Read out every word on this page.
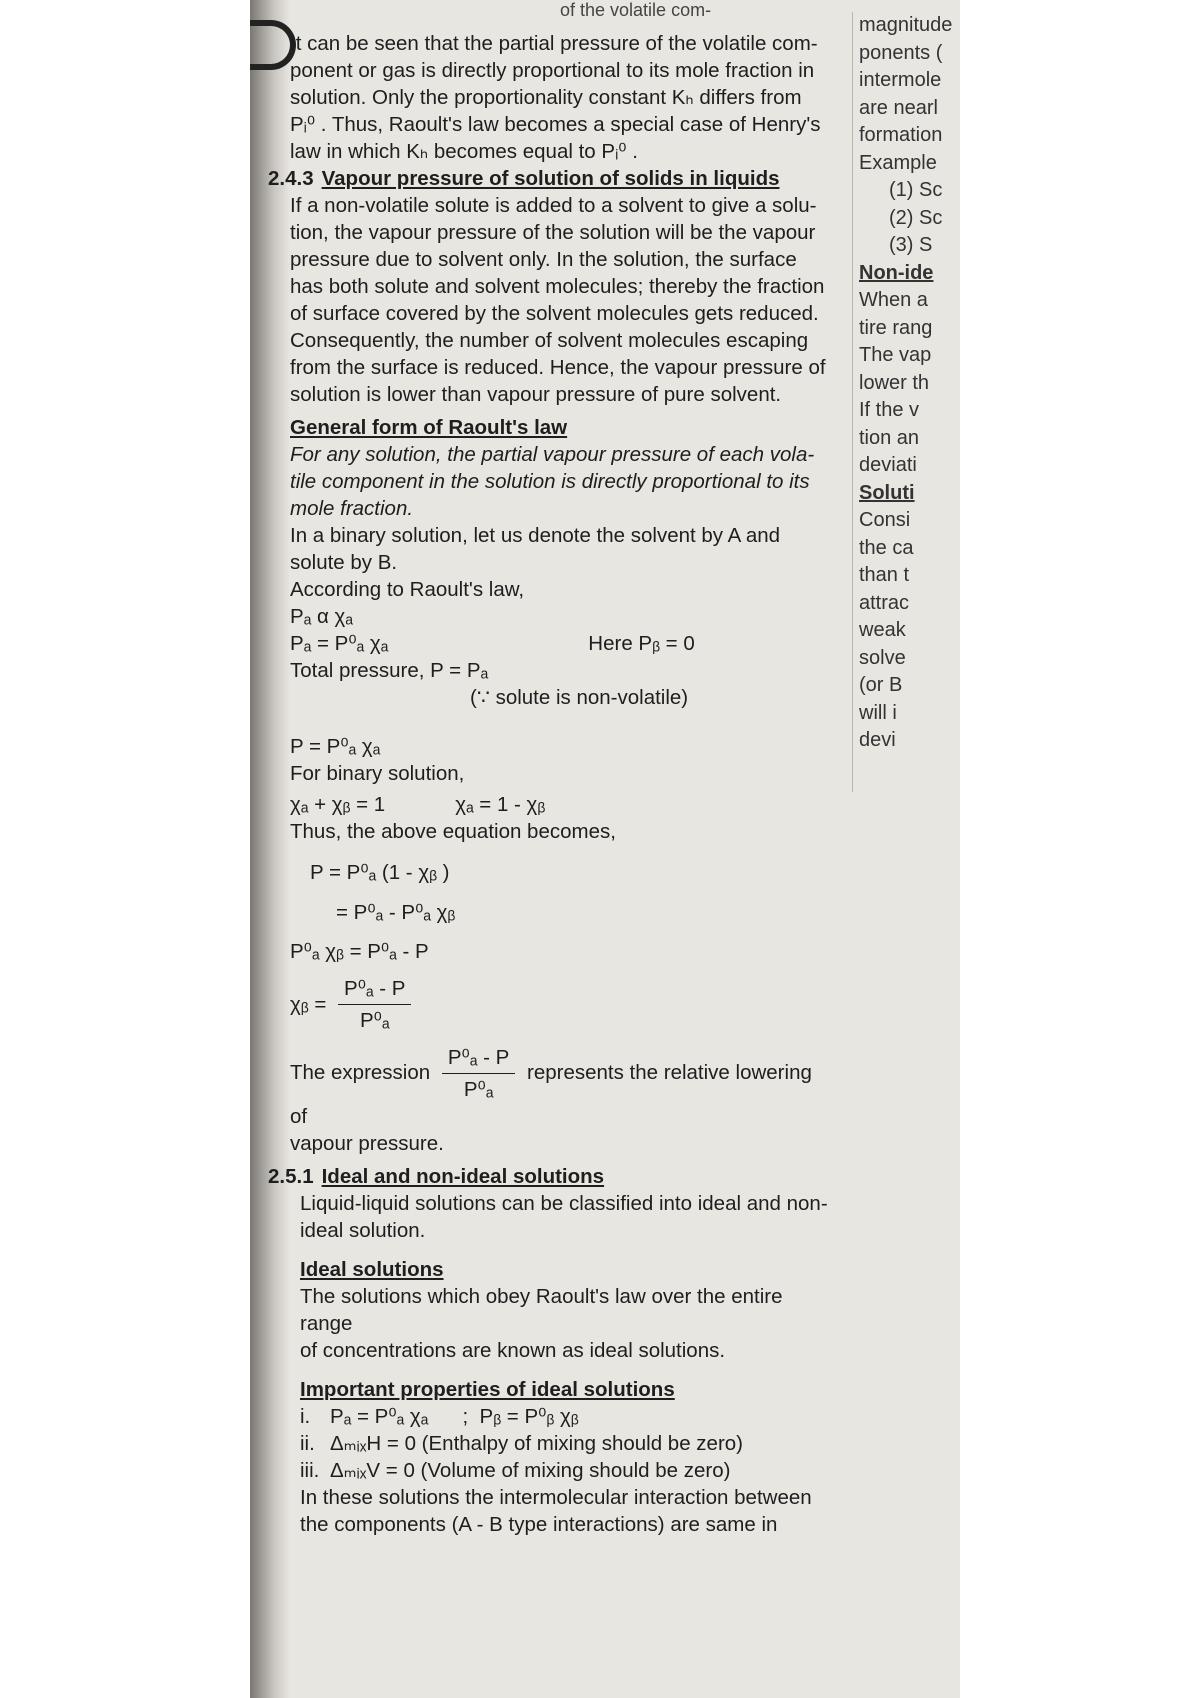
It can be seen that the partial pressure of the volatile com-

ponent or gas is directly proportional to its mole fraction in

solution. Only the proportionality constant Kₕ differs from

Pᵢ⁰ . Thus, Raoult's law becomes a special case of Henry's

law in which Kₕ becomes equal to Pᵢ⁰ .

2.4.3 Vapour pressure of solution of solids in liquids

If a non-volatile solute is added to a solvent to give a solu-

tion, the vapour pressure of the solution will be the vapour

pressure due to solvent only. In the solution, the surface

has both solute and solvent molecules; thereby the fraction

of surface covered by the solvent molecules gets reduced.

Consequently, the number of solvent molecules escaping

from the surface is reduced. Hence, the vapour pressure of

solution is lower than vapour pressure of pure solvent.

General form of Raoult's law

For any solution, the partial vapour pressure of each vola-

tile component in the solution is directly proportional to its

mole fraction.

In a binary solution, let us denote the solvent by A and

solute by B.

According to Raoult's law,

Pₐ α χₐ

Pₐ = P⁰ₐ χₐ	Here Pᵦ = 0

Total pressure, P = Pₐ

(∵ solute is non-volatile)

P = P⁰ₐ χₐ

For binary solution,

χₐ + χᵦ = 1	χₐ = 1 - χᵦ

Thus, the above equation becomes,

P = P⁰ₐ (1 - χᵦ )

= P⁰ₐ - P⁰ₐ χᵦ

P⁰ₐ χᵦ = P⁰ₐ - P

χᵦ = $\frac{\text{P⁰ₐ - P}}{\text{P⁰ₐ}}$

The expression $\frac{\text{P⁰ₐ - P}}{\text{P⁰ₐ}}$ represents the relative lowering of

vapour pressure.

2.5.1 Ideal and non-ideal solutions

Liquid-liquid solutions can be classified into ideal and non-

ideal solution.

Ideal solutions

The solutions which obey Raoult's law over the entire range

of concentrations are known as ideal solutions.

Important properties of ideal solutions

i. Pₐ = P⁰ₐ χₐ      ;  Pᵦ = P⁰ᵦ χᵦ

ii. ΔₘᵢₓH = 0 (Enthalpy of mixing should be zero)

iii. ΔₘᵢₓV = 0 (Volume of mixing should be zero)

In these solutions the intermolecular interaction between

the components (A - B type interactions) are same in

magnitude
ponents (
intermole
are nearl
formation
Example
(1) Sc
(2) Sc
(3) S
Non-ide
When a
tire rang
The vap
lower th
If the v
tion an
deviati
Soluti
Consi
the ca
than t
attrac
weak
solve
(or B
will i
devi
of the volatile com-
